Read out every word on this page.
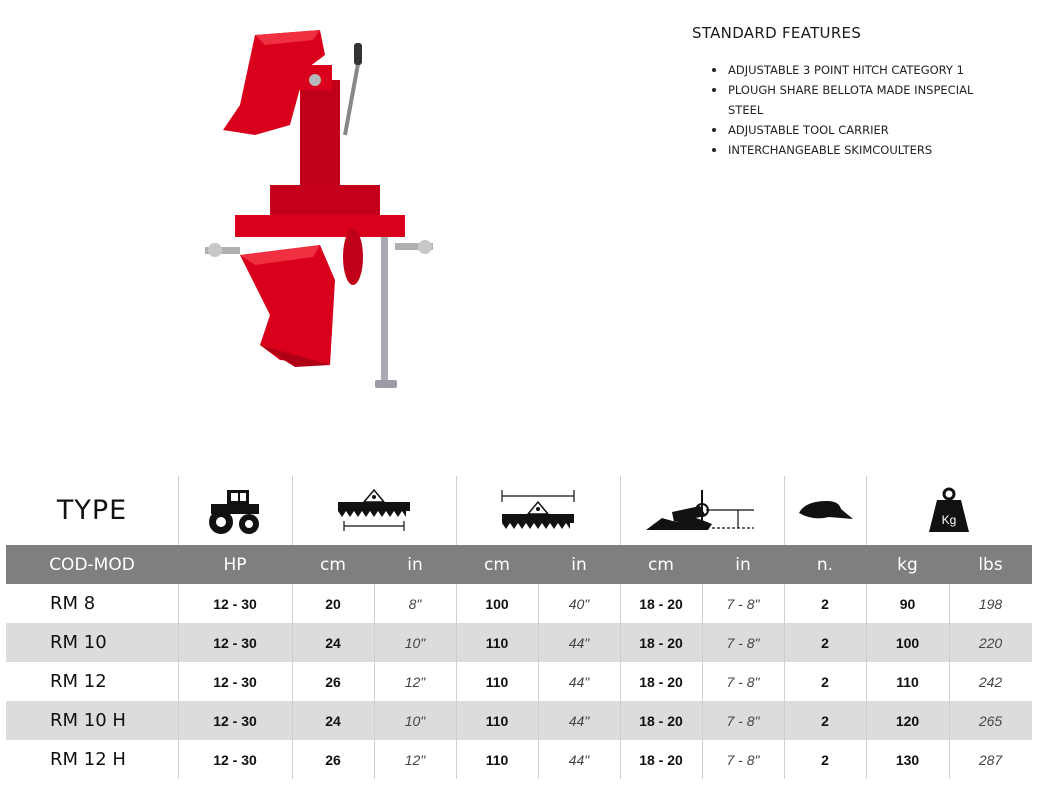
STANDARD FEATURES
ADJUSTABLE 3 POINT HITCH CATEGORY 1
PLOUGH SHARE BELLOTA MADE INSPECIAL STEEL
ADJUSTABLE TOOL CARRIER
INTERCHANGEABLE SKIMCOULTERS
TYPE	Kg
COD-MOD	HP	cm	in	cm	in	cm	in	n.	kg	lbs
RM 8	12 - 30	20	8"	100	40"	18 - 20	7 - 8"	2	90	198
RM 10	12 - 30	24	10"	110	44"	18 - 20	7 - 8"	2	100	220
RM 12	12 - 30	26	12"	110	44"	18 - 20	7 - 8"	2	110	242
RM 10 H	12 - 30	24	10"	110	44"	18 - 20	7 - 8"	2	120	265
RM 12 H	12 - 30	26	12"	110	44"	18 - 20	7 - 8"	2	130	287
